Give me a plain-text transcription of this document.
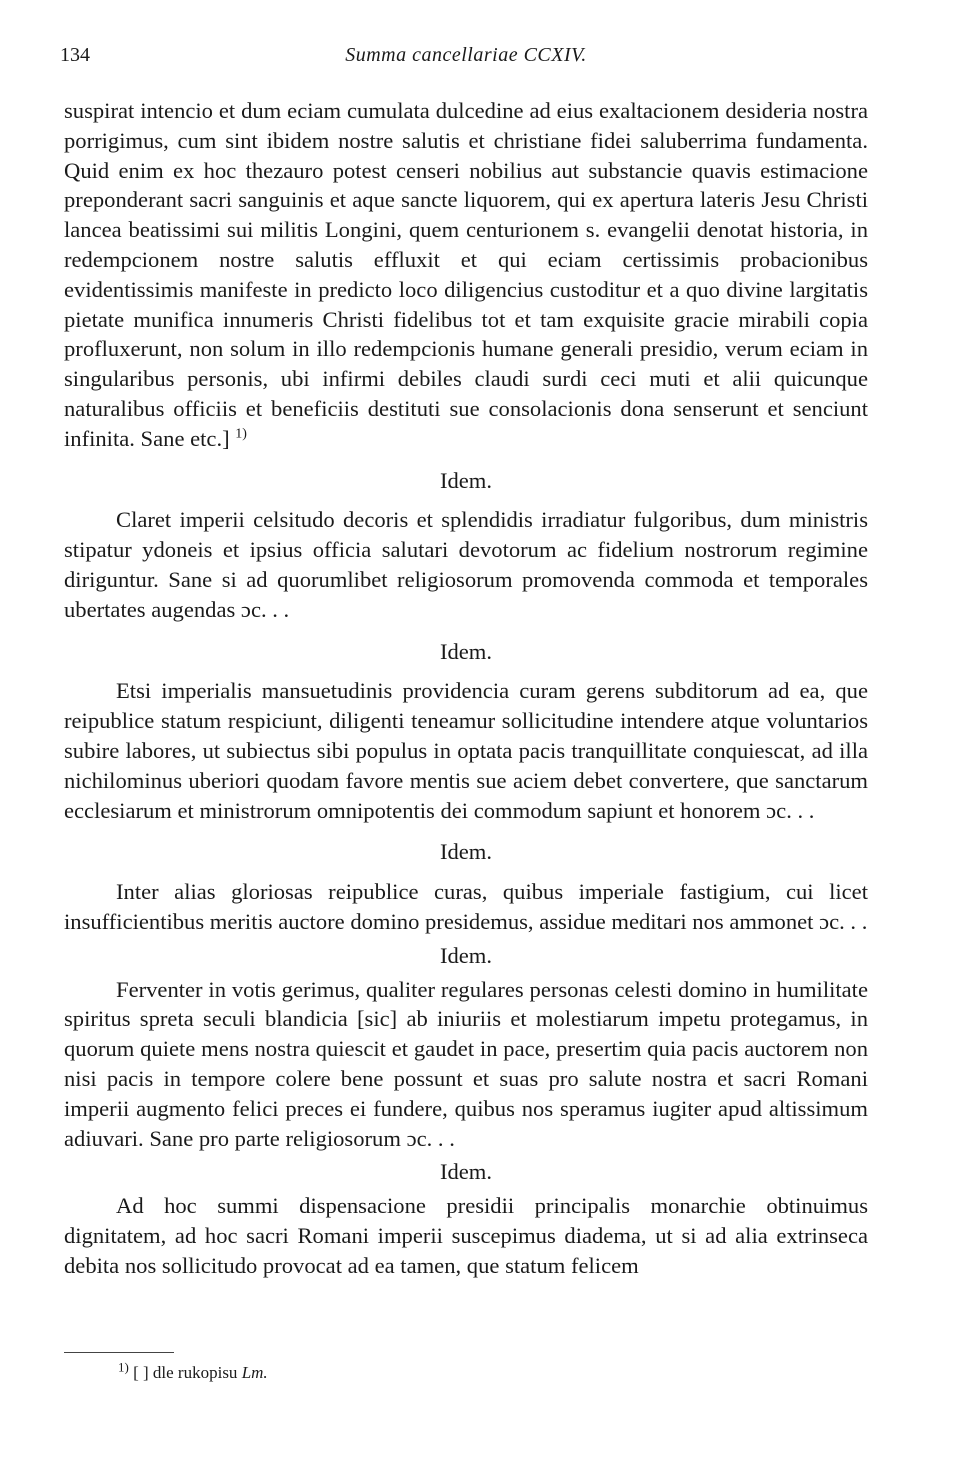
134	Summa cancellariae CCXIV.

suspirat intencio et dum eciam cumulata dulcedine ad eius exaltacionem desideria nostra porrigimus, cum sint ibidem nostre salutis et christiane fidei saluberrima fundamenta. Quid enim ex hoc thezauro potest censeri nobilius aut substancie quavis estimacione preponderant sacri sanguinis et aque sancte liquorem, qui ex apertura lateris Jesu Christi lancea beatissimi sui militis Longini, quem centurionem s. evangelii denotat historia, in redempcionem nostre salutis effluxit et qui eciam certissimis probacionibus evidentissimis manifeste in predicto loco diligencius custoditur et a quo divine largitatis pietate munifica innumeris Christi fidelibus tot et tam exquisite gracie mirabili copia profluxerunt, non solum in illo redempcionis humane generali presidio, verum eciam in singularibus personis, ubi infirmi debiles claudi surdi ceci muti et alii quicunque naturalibus officiis et beneficiis destituti sue consolacionis dona senserunt et senciunt infinita. Sane etc.] $^{1)}$

Idem.

Claret imperii celsitudo decoris et splendidis irradiatur fulgoribus, dum ministris stipatur ydoneis et ipsius officia salutari devotorum ac fidelium nostrorum regimine diriguntur. Sane si ad quorumlibet religiosorum promovenda commoda et temporales ubertates augendas ɔc. . .

Idem.

Etsi imperialis mansuetudinis providencia curam gerens subditorum ad ea, que reipublice statum respiciunt, diligenti teneamur sollicitudine intendere atque voluntarios subire labores, ut subiectus sibi populus in optata pacis tranquillitate conquiescat, ad illa nichilominus uberiori quodam favore mentis sue aciem debet convertere, que sanctarum ecclesiarum et ministrorum omnipotentis dei commodum sapiunt et honorem ɔc. . .

Idem.

Inter alias gloriosas reipublice curas, quibus imperiale fastigium, cui licet insufficientibus meritis auctore domino presidemus, assidue meditari nos ammonet ɔc. . .

Idem.

Ferventer in votis gerimus, qualiter regulares personas celesti domino in humilitate spiritus spreta seculi blandicia [sic] ab iniuriis et molestiarum impetu protegamus, in quorum quiete mens nostra quiescit et gaudet in pace, presertim quia pacis auctorem non nisi pacis in tempore colere bene possunt et suas pro salute nostra et sacri Romani imperii augmento felici preces ei fundere, quibus nos speramus iugiter apud altissimum adiuvari. Sane pro parte religiosorum ɔc. . .

Idem.

Ad hoc summi dispensacione presidii principalis monarchie obtinuimus dignitatem, ad hoc sacri Romani imperii suscepimus diadema, ut si ad alia extrinseca debita nos sollicitudo provocat ad ea tamen, que statum felicem

$^{1)}$ [ ] dle rukopisu Lm.
